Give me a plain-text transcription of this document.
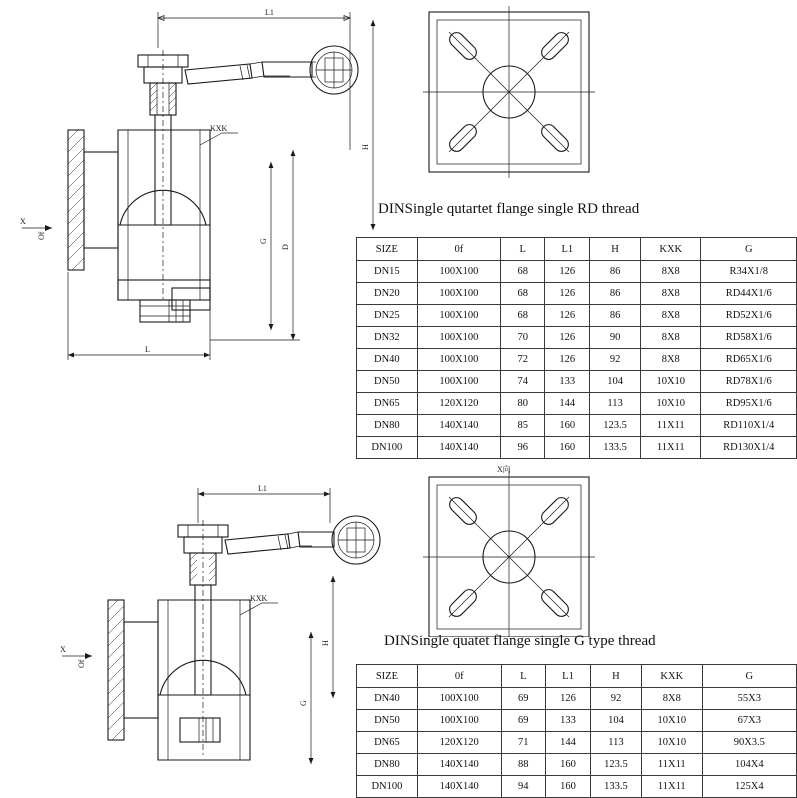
L1
L
H
D
G
KXK
X
Of
DINSingle qutartet flange single RD thread
SIZE	0f	L	L1	H	KXK	G
DN15	100X100	68	126	86	8X8	R34X1/8
DN20	100X100	68	126	86	8X8	RD44X1/6
DN25	100X100	68	126	86	8X8	RD52X1/6
DN32	100X100	70	126	90	8X8	RD58X1/6
DN40	100X100	72	126	92	8X8	RD65X1/6
DN50	100X100	74	133	104	10X10	RD78X1/6
DN65	120X120	80	144	113	10X10	RD95X1/6
DN80	140X140	85	160	123.5	11X11	RD110X1/4
DN100	140X140	96	160	133.5	11X11	RD130X1/4
L1
KXK
G
H
X
Of
X向
DINSingle quatet flange single G type thread
SIZE	0f	L	L1	H	KXK	G
DN40	100X100	69	126	92	8X8	55X3
DN50	100X100	69	133	104	10X10	67X3
DN65	120X120	71	144	113	10X10	90X3.5
DN80	140X140	88	160	123.5	11X11	104X4
DN100	140X140	94	160	133.5	11X11	125X4
